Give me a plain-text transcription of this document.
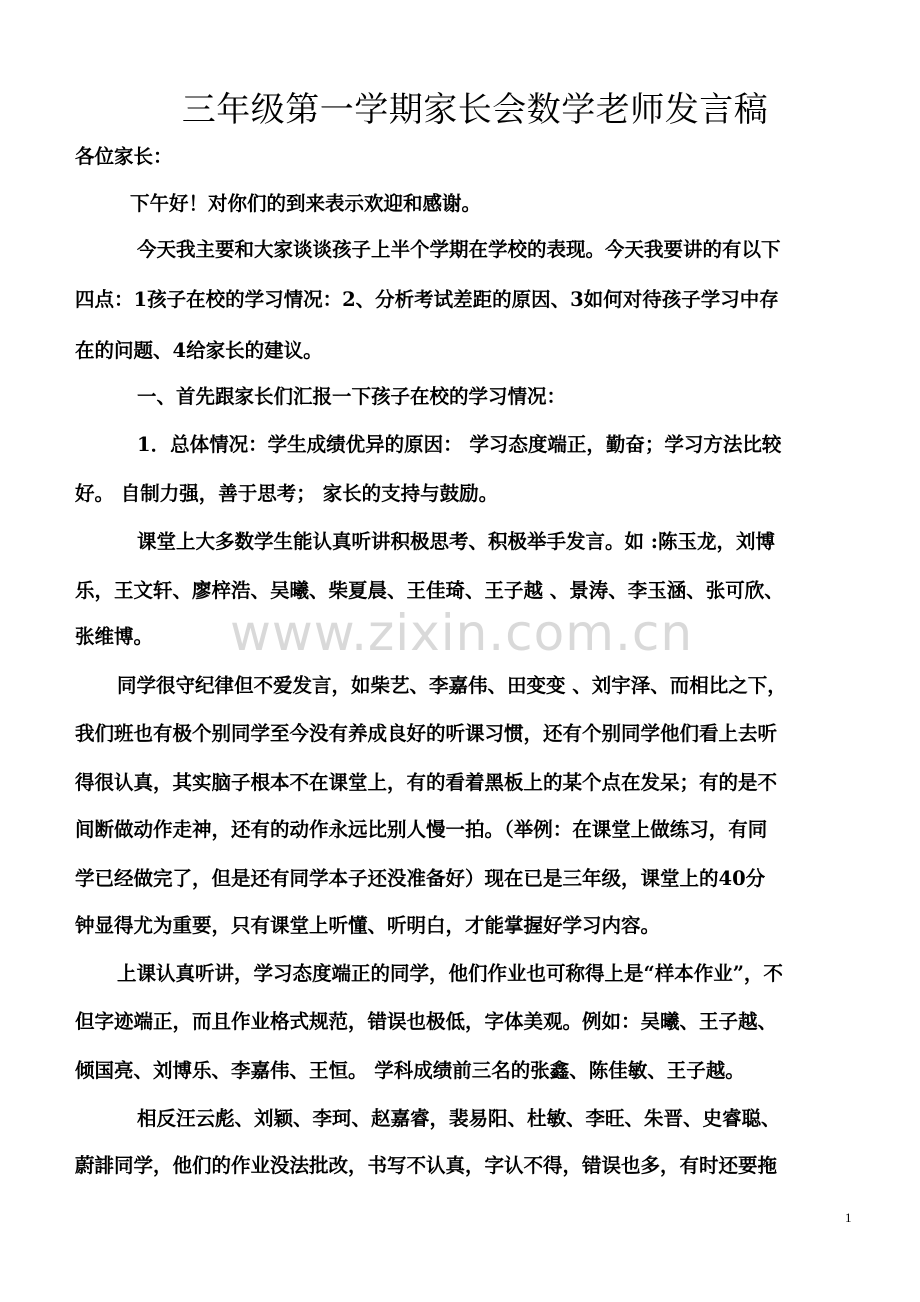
三年级第一学期家长会数学老师发言稿
各位家长：
下午好！对你们的到来表示欢迎和感谢。
今天我主要和大家谈谈孩子上半个学期在学校的表现。今天我要讲的有以下
四点：1孩子在校的学习情况：2、分析考试差距的原因、3如何对待孩子学习中存
在的问题、4给家长的建议。
一、首先跟家长们汇报一下孩子在校的学习情况：
1．总体情况：学生成绩优异的原因： 学习态度端正，勤奋；学习方法比较
好。 自制力强，善于思考； 家长的支持与鼓励。
课堂上大多数学生能认真听讲积极思考、积极举手发言。如 :陈玉龙，刘博
乐，王文轩、廖梓浩、吴曦、柴夏晨、王佳琦、王子越 、景涛、李玉涵、张可欣、
张维博。	www.zixin.com.cn
同学很守纪律但不爱发言，如柴艺、李嘉伟、田变变 、刘宇泽、而相比之下，
我们班也有极个别同学至今没有养成良好的听课习惯，还有个别同学他们看上去听
得很认真，其实脑子根本不在课堂上，有的看着黑板上的某个点在发呆；有的是不
间断做动作走神，还有的动作永远比别人慢一拍。（举例：在课堂上做练习，有同
学已经做完了，但是还有同学本子还没准备好）现在已是三年级，课堂上的40分
钟显得尤为重要，只有课堂上听懂、听明白，才能掌握好学习内容。
上课认真听讲，学习态度端正的同学，他们作业也可称得上是“样本作业”，不
但字迹端正，而且作业格式规范，错误也极低，字体美观。例如：吴曦、王子越、
倾国亮、刘博乐、李嘉伟、王恒。 学科成绩前三名的张鑫、陈佳敏、王子越。
相反汪云彪、刘颖、李珂、赵嘉睿，裴易阳、杜敏、李旺、朱晋、史睿聪、
蔚誹同学，他们的作业没法批改，书写不认真，字认不得，错误也多，有时还要拖
1
